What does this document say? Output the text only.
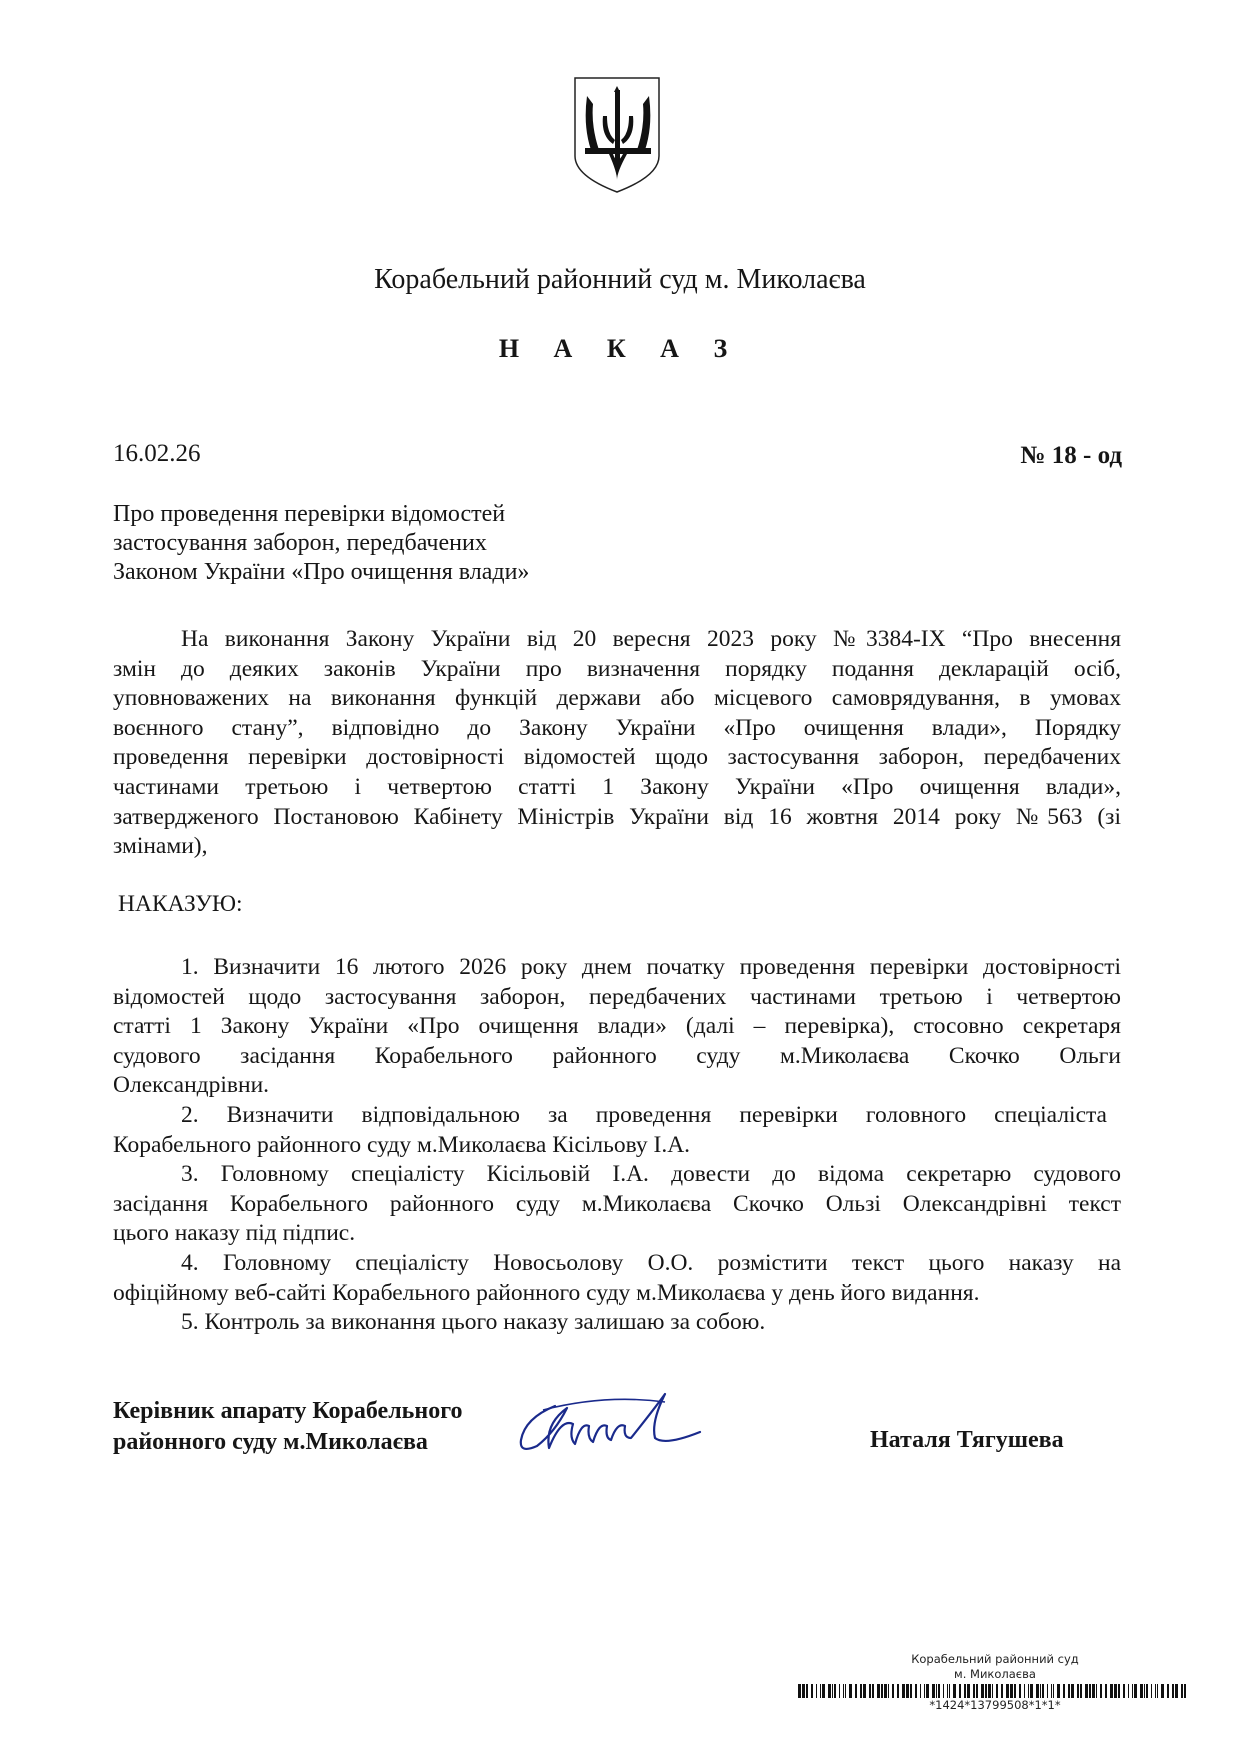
Корабельний районний суд м. Миколаєва
Н А К А З
16.02.26	№ 18 - од
Про проведення перевірки відомостей
застосування заборон, передбачених
Законом України «Про очищення влади»
На виконання Закону України від 20 вересня 2023 року №3384-IX “Про внесення
змін до деяких законів України про визначення порядку подання декларацій осіб,
уповноважених на виконання функцій держави або місцевого самоврядування, в умовах
воєнного стану”, відповідно до Закону України «Про очищення влади», Порядку
проведення перевірки достовірності відомостей щодо застосування заборон, передбачених
частинами третьою і четвертою статті 1 Закону України «Про очищення влади»,
затвердженого Постановою Кабінету Міністрів України від 16 жовтня 2014 року №563 (зі
змінами),
НАКАЗУЮ:
1. Визначити 16 лютого 2026 року днем початку проведення перевірки достовірності
відомостей щодо застосування заборон, передбачених частинами третьою і четвертою
статті 1 Закону України «Про очищення влади» (далі – перевірка), стосовно секретаря
судового засідання Корабельного районного суду м.Миколаєва Скочко Ольги
Олександрівни.
2. Визначити відповідальною за проведення перевірки головного спеціаліста
Корабельного районного суду м.Миколаєва Кісільову І.А.
3. Головному спеціалісту Кісільовій І.А. довести до відома секретарю судового
засідання Корабельного районного суду м.Миколаєва Скочко Ользі Олександрівні текст
цього наказу під підпис.
4. Головному спеціалісту Новосьолову О.О. розмістити текст цього наказу на
офіційному веб-сайті Корабельного районного суду м.Миколаєва у день його видання.
5. Контроль за виконання цього наказу залишаю за собою.
Керівник апарату Корабельного
районного суду м.Миколаєва	Наталя Тягушева
Корабельний районний суд
м. Миколаєва
*1424*13799508*1*1*
